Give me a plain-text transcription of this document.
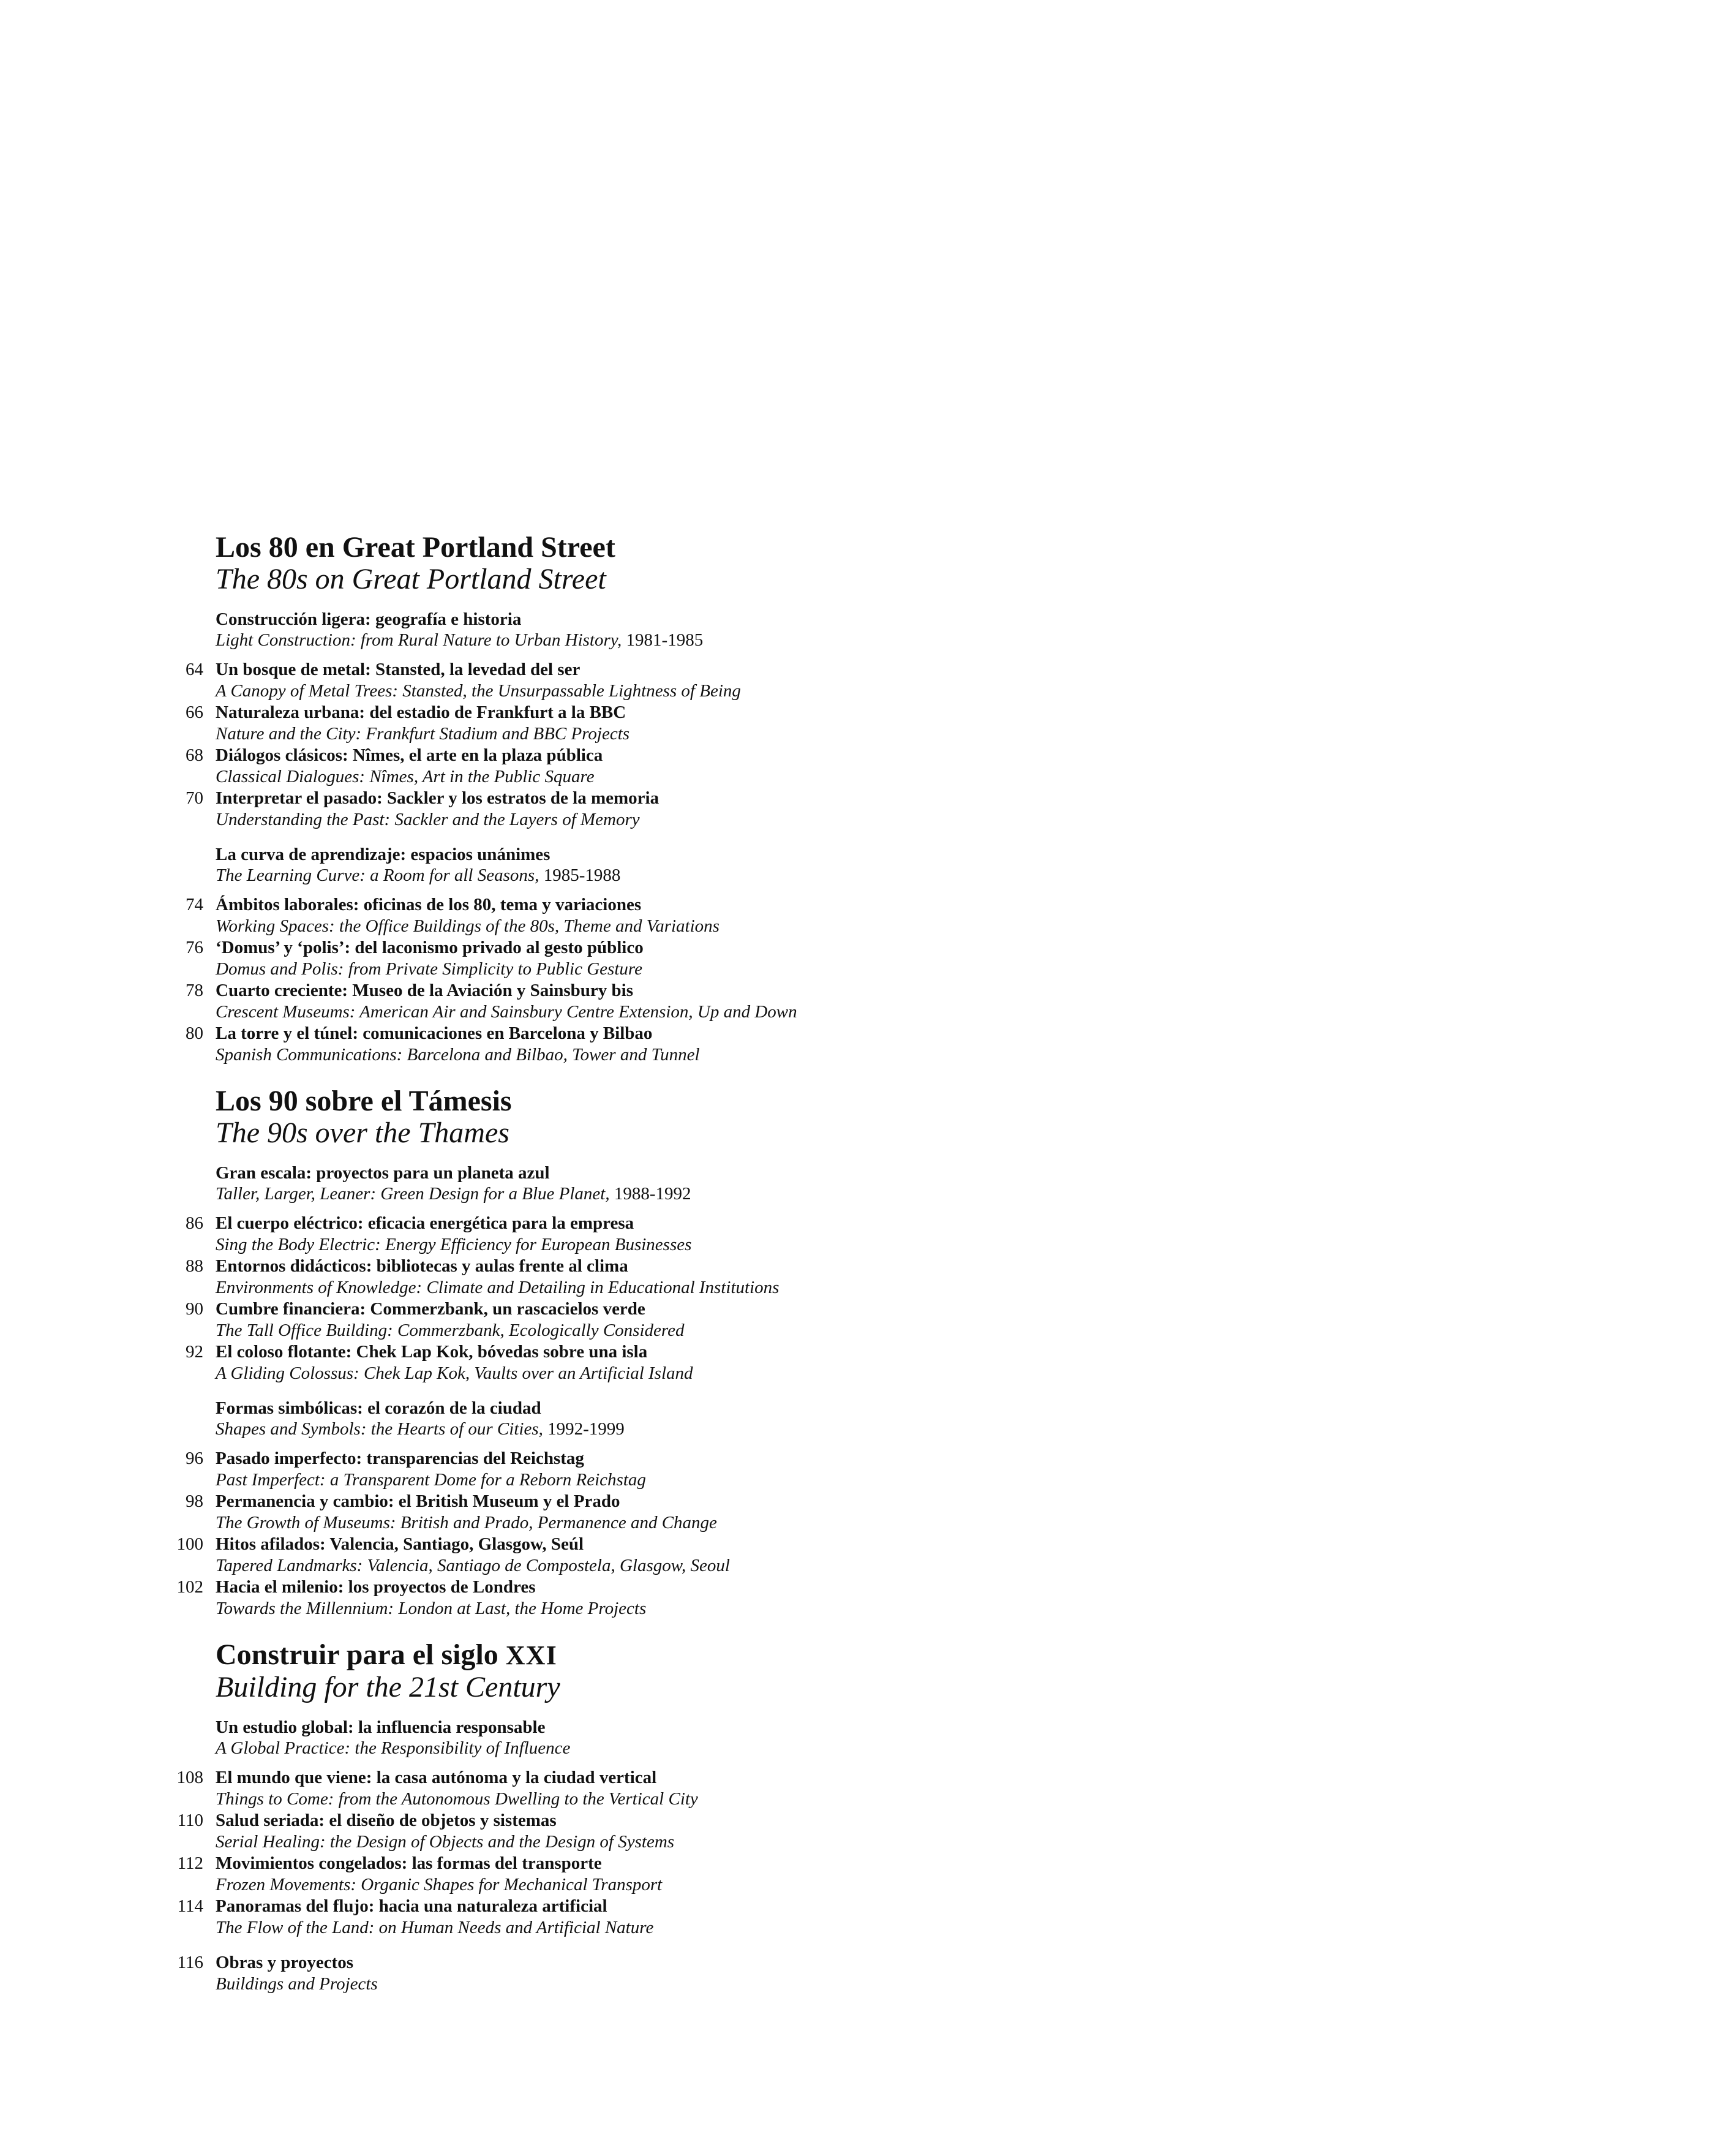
Los 80 en Great Portland Street
The 80s on Great Portland Street
Construcción ligera: geografía e historia
Light Construction: from Rural Nature to Urban History, 1981-1985
64 Un bosque de metal: Stansted, la levedad del ser
A Canopy of Metal Trees: Stansted, the Unsurpassable Lightness of Being
66 Naturaleza urbana: del estadio de Frankfurt a la BBC
Nature and the City: Frankfurt Stadium and BBC Projects
68 Diálogos clásicos: Nîmes, el arte en la plaza pública
Classical Dialogues: Nîmes, Art in the Public Square
70 Interpretar el pasado: Sackler y los estratos de la memoria
Understanding the Past: Sackler and the Layers of Memory
La curva de aprendizaje: espacios unánimes
The Learning Curve: a Room for all Seasons, 1985-1988
74 Ámbitos laborales: oficinas de los 80, tema y variaciones
Working Spaces: the Office Buildings of the 80s, Theme and Variations
76 ‘Domus’ y ‘polis’: del laconismo privado al gesto público
Domus and Polis: from Private Simplicity to Public Gesture
78 Cuarto creciente: Museo de la Aviación y Sainsbury bis
Crescent Museums: American Air and Sainsbury Centre Extension, Up and Down
80 La torre y el túnel: comunicaciones en Barcelona y Bilbao
Spanish Communications: Barcelona and Bilbao, Tower and Tunnel
Los 90 sobre el Támesis
The 90s over the Thames
Gran escala: proyectos para un planeta azul
Taller, Larger, Leaner: Green Design for a Blue Planet, 1988-1992
86 El cuerpo eléctrico: eficacia energética para la empresa
Sing the Body Electric: Energy Efficiency for European Businesses
88 Entornos didácticos: bibliotecas y aulas frente al clima
Environments of Knowledge: Climate and Detailing in Educational Institutions
90 Cumbre financiera: Commerzbank, un rascacielos verde
The Tall Office Building: Commerzbank, Ecologically Considered
92 El coloso flotante: Chek Lap Kok, bóvedas sobre una isla
A Gliding Colossus: Chek Lap Kok, Vaults over an Artificial Island
Formas simbólicas: el corazón de la ciudad
Shapes and Symbols: the Hearts of our Cities, 1992-1999
96 Pasado imperfecto: transparencias del Reichstag
Past Imperfect: a Transparent Dome for a Reborn Reichstag
98 Permanencia y cambio: el British Museum y el Prado
The Growth of Museums: British and Prado, Permanence and Change
100 Hitos afilados: Valencia, Santiago, Glasgow, Seúl
Tapered Landmarks: Valencia, Santiago de Compostela, Glasgow, Seoul
102 Hacia el milenio: los proyectos de Londres
Towards the Millennium: London at Last, the Home Projects
Construir para el siglo XXI
Building for the 21st Century
Un estudio global: la influencia responsable
A Global Practice: the Responsibility of Influence
108 El mundo que viene: la casa autónoma y la ciudad vertical
Things to Come: from the Autonomous Dwelling to the Vertical City
110 Salud seriada: el diseño de objetos y sistemas
Serial Healing: the Design of Objects and the Design of Systems
112 Movimientos congelados: las formas del transporte
Frozen Movements: Organic Shapes for Mechanical Transport
114 Panoramas del flujo: hacia una naturaleza artificial
The Flow of the Land: on Human Needs and Artificial Nature
116 Obras y proyectos
Buildings and Projects
